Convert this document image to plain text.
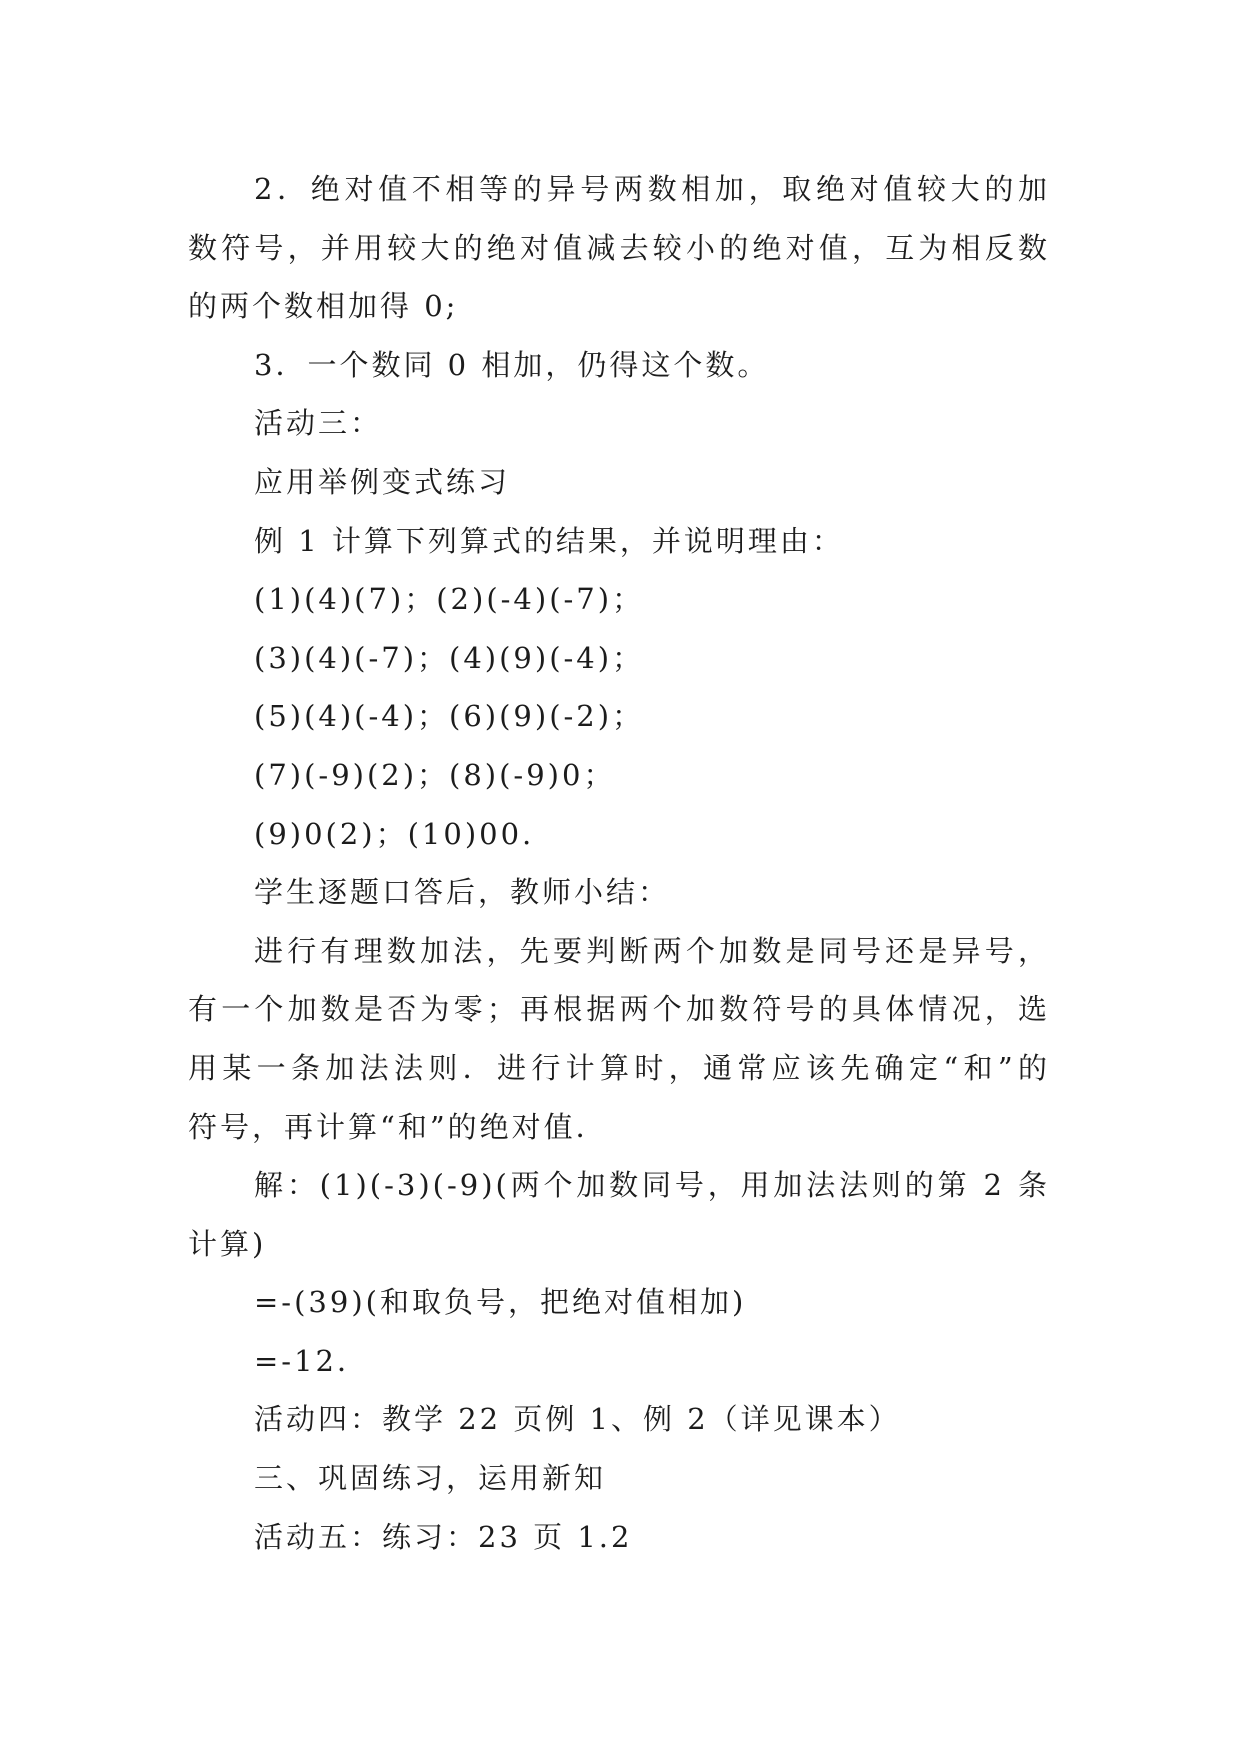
2．绝对值不相等的异号两数相加，取绝对值较大的加
数符号，并用较大的绝对值减去较小的绝对值，互为相反数
的两个数相加得 0;
3．一个数同 0 相加，仍得这个数。
活动三：
应用举例变式练习
例 1 计算下列算式的结果，并说明理由：
(1)(4)(7)；(2)(-4)(-7)；
(3)(4)(-7)；(4)(9)(-4)；
(5)(4)(-4)；(6)(9)(-2)；
(7)(-9)(2)；(8)(-9)0；
(9)0(2)；(10)00.
学生逐题口答后，教师小结：
进行有理数加法，先要判断两个加数是同号还是异号，
有一个加数是否为零；再根据两个加数符号的具体情况，选
用某一条加法法则．进行计算时，通常应该先确定“和”的
符号，再计算“和”的绝对值．
解：(1)(-3)(-9)(两个加数同号，用加法法则的第 2 条
计算)
=-(39)(和取负号，把绝对值相加)
=-12．
活动四：教学 22 页例 1、例 2（详见课本）
三、巩固练习，运用新知
活动五：练习：23 页 1.2
